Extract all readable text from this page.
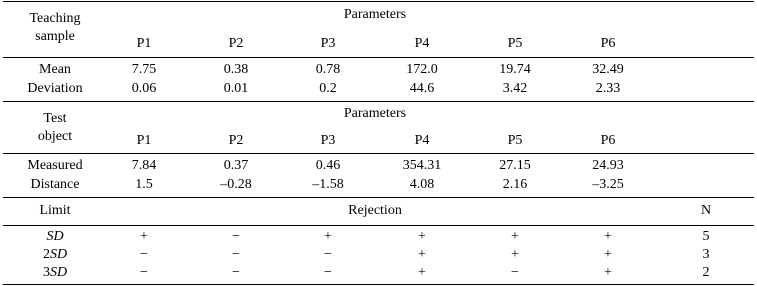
Teaching
sample
Parameters
P1	P2	P3	P4	P5	P6
Mean	7.75	0.38	0.78	172.0	19.74	32.49
Deviation	0.06	0.01	0.2	44.6	3.42	2.33
Test
object
Parameters
P1	P2	P3	P4	P5	P6
Measured	7.84	0.37	0.46	354.31	27.15	24.93
Distance	1.5	–0.28	–1.58	4.08	2.16	–3.25
Limit	Rejection	N
SD	+	−	+	+	+	+	5
2SD	−	−	−	+	+	+	3
3SD	−	−	−	+	−	+	2
